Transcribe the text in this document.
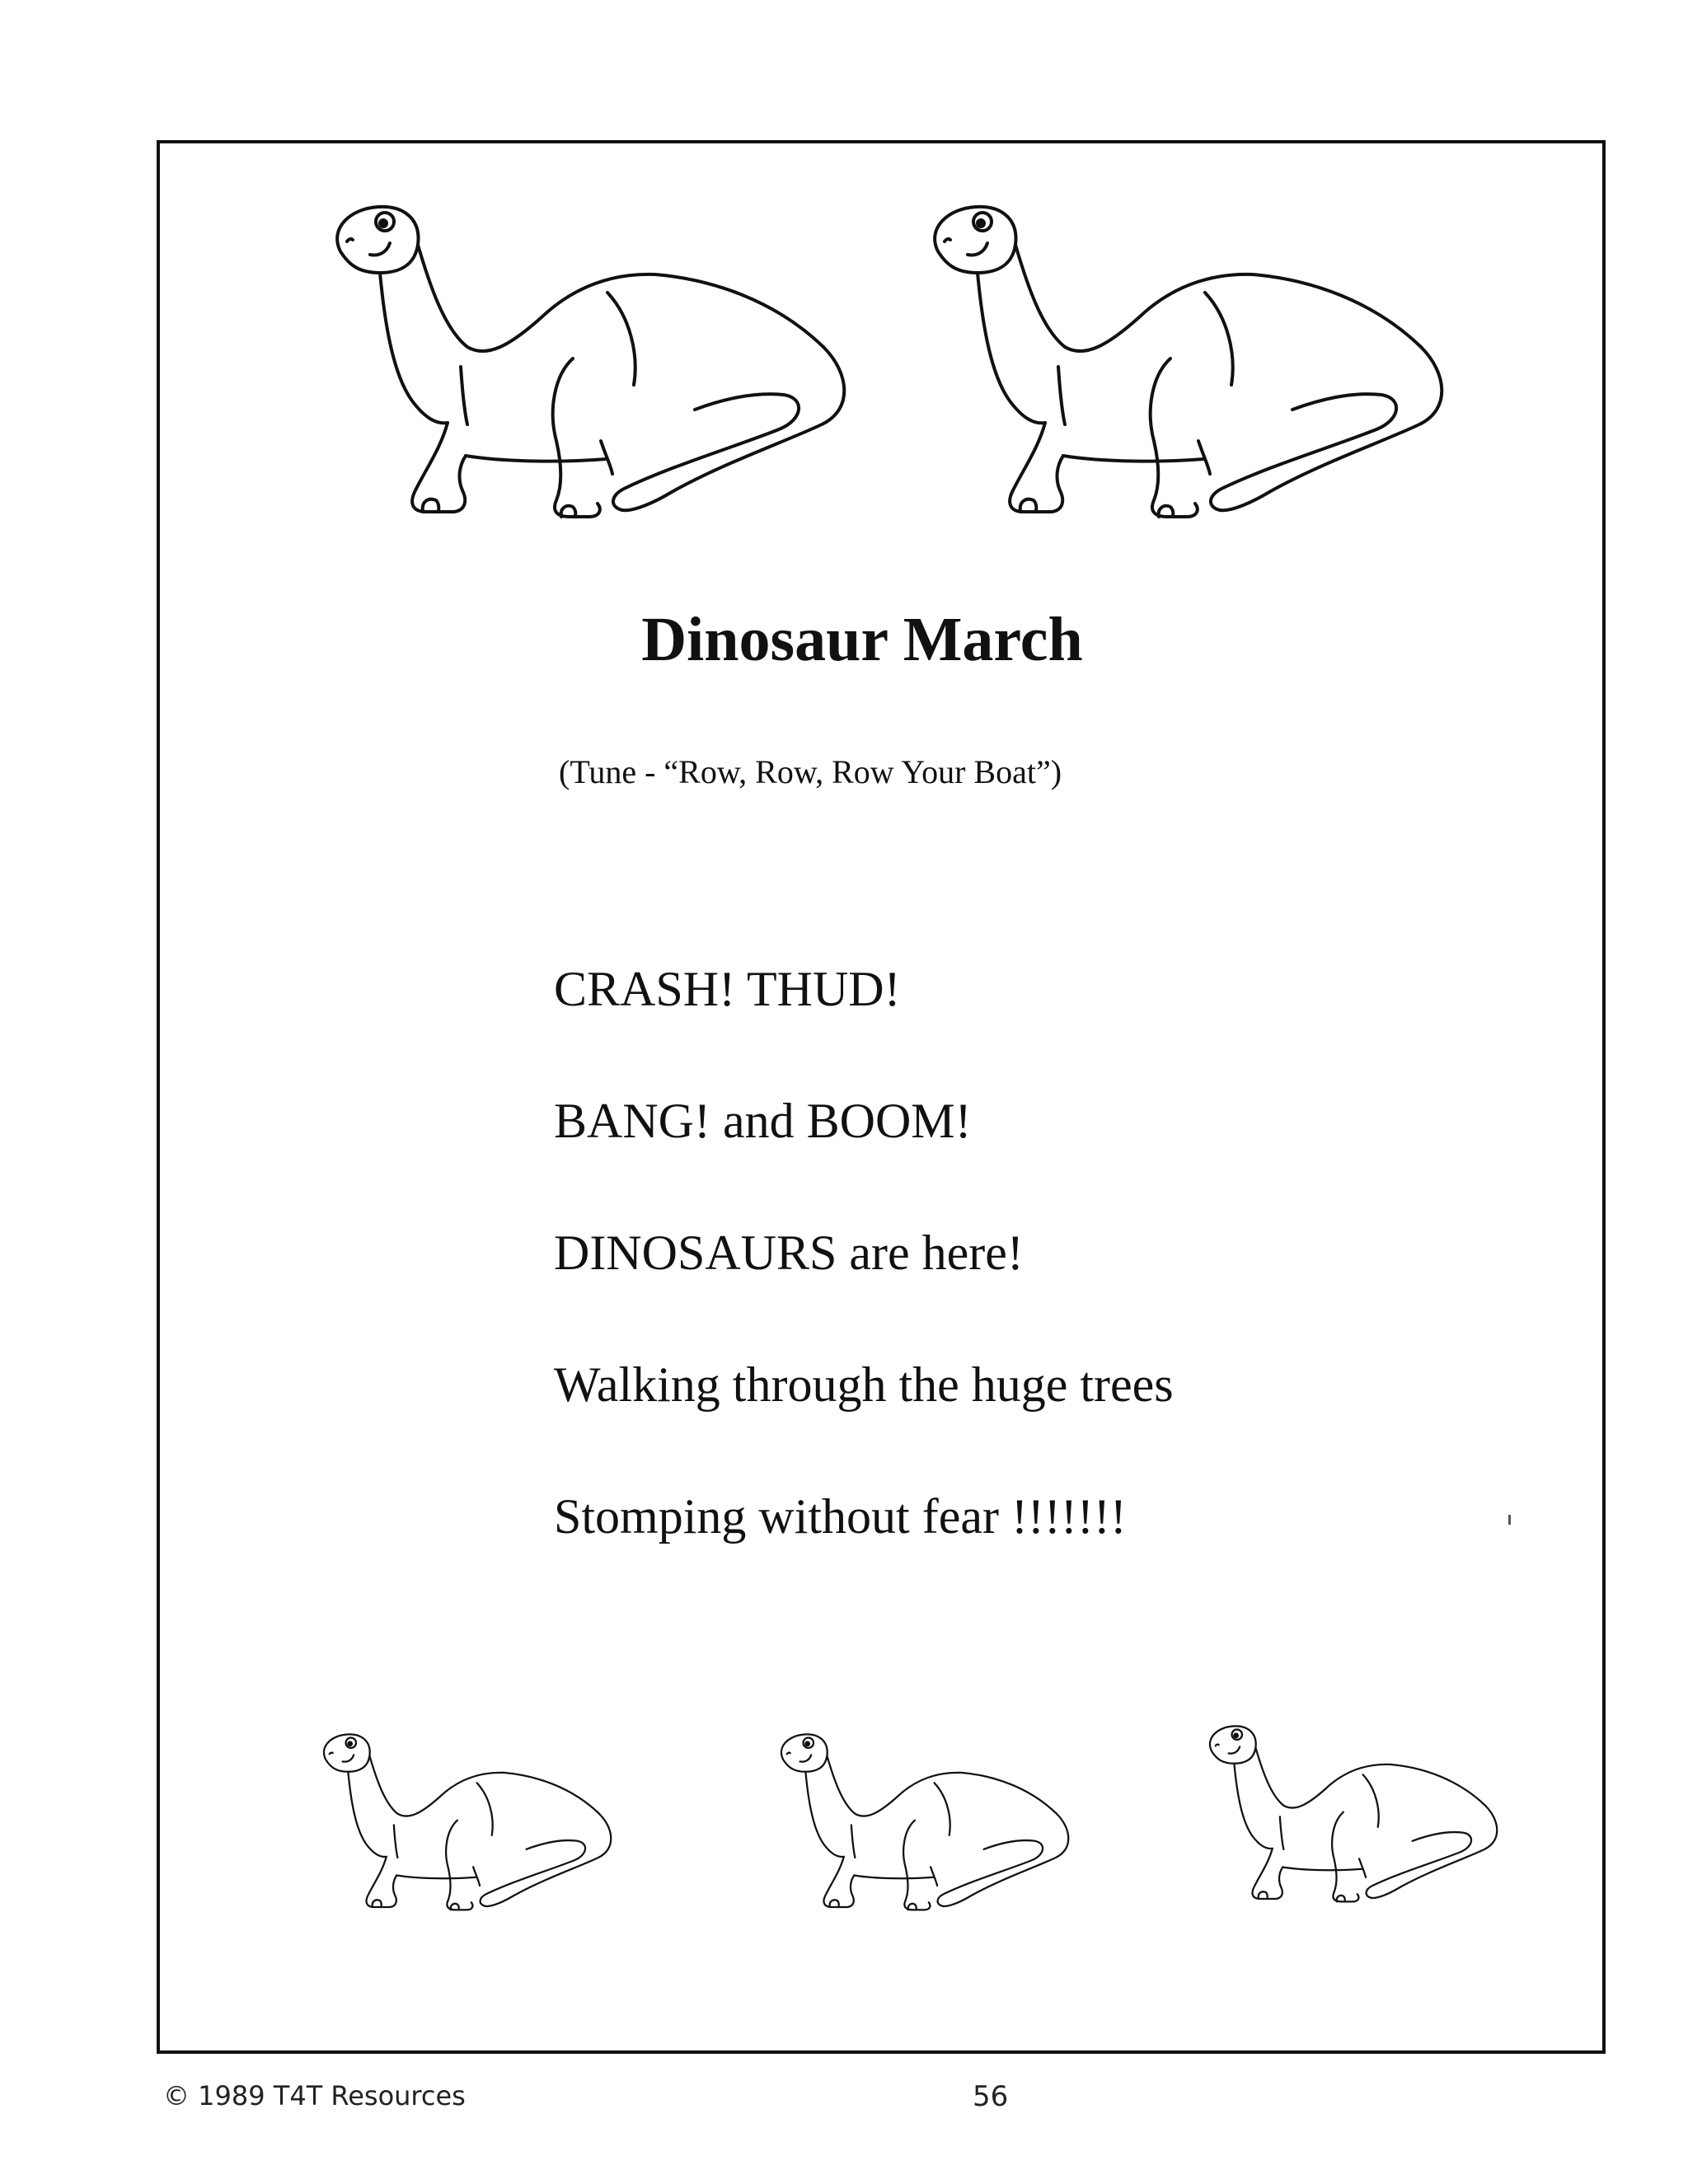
Dinosaur March
(Tune - “Row, Row, Row Your Boat”)
CRASH! THUD!
BANG! and BOOM!
DINOSAURS are here!
Walking through the huge trees
Stomping without fear !!!!!!!
© 1989 T4T Resources	56
